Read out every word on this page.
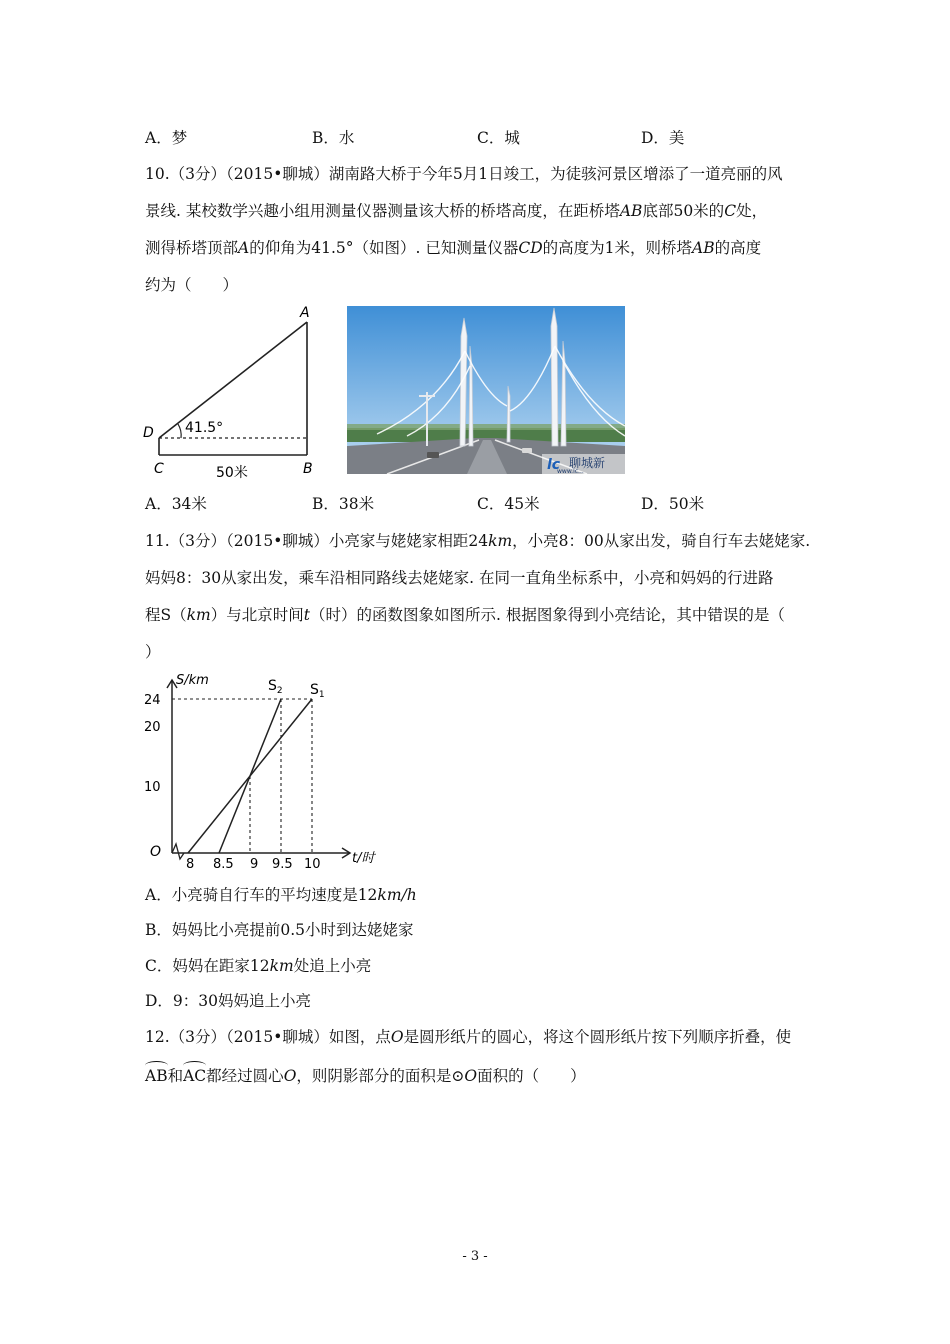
A．梦	B．水	C．城	D．美
10.（3分）（2015•聊城）湖南路大桥于今年5月1日竣工，为徒骇河景区增添了一道亮丽的风
景线. 某校数学兴趣小组用测量仪器测量该大桥的桥塔高度，在距桥塔AB底部50米的C处，
测得桥塔顶部A的仰角为41.5°（如图）. 已知测量仪器CD的高度为1米，则桥塔AB的高度
约为（　　）
A
D
C	B
41.5°
50米
聊城新
www.lc...
lc
A．34米	B．38米	C．45米	D．50米
11.（3分）（2015•聊城）小亮家与姥姥家相距24km，小亮8：00从家出发，骑自行车去姥姥家.
妈妈8：30从家出发，乘车沿相同路线去姥姥家. 在同一直角坐标系中，小亮和妈妈的行进路
程S（km）与北京时间t（时）的函数图象如图所示. 根据图象得到小亮结论，其中错误的是（
）
S/km
t/时
O
24
20
10
8 8.5 9 9.5 10
$S_2$ $S_1$
A．小亮骑自行车的平均速度是12km/h
B．妈妈比小亮提前0.5小时到达姥姥家
C．妈妈在距家12km处追上小亮
D．9：30妈妈追上小亮
12.（3分）（2015•聊城）如图，点O是圆形纸片的圆心，将这个圆形纸片按下列顺序折叠，使
AB和AC都经过圆心O，则阴影部分的面积是⊙O面积的（　　）
- 3 -
